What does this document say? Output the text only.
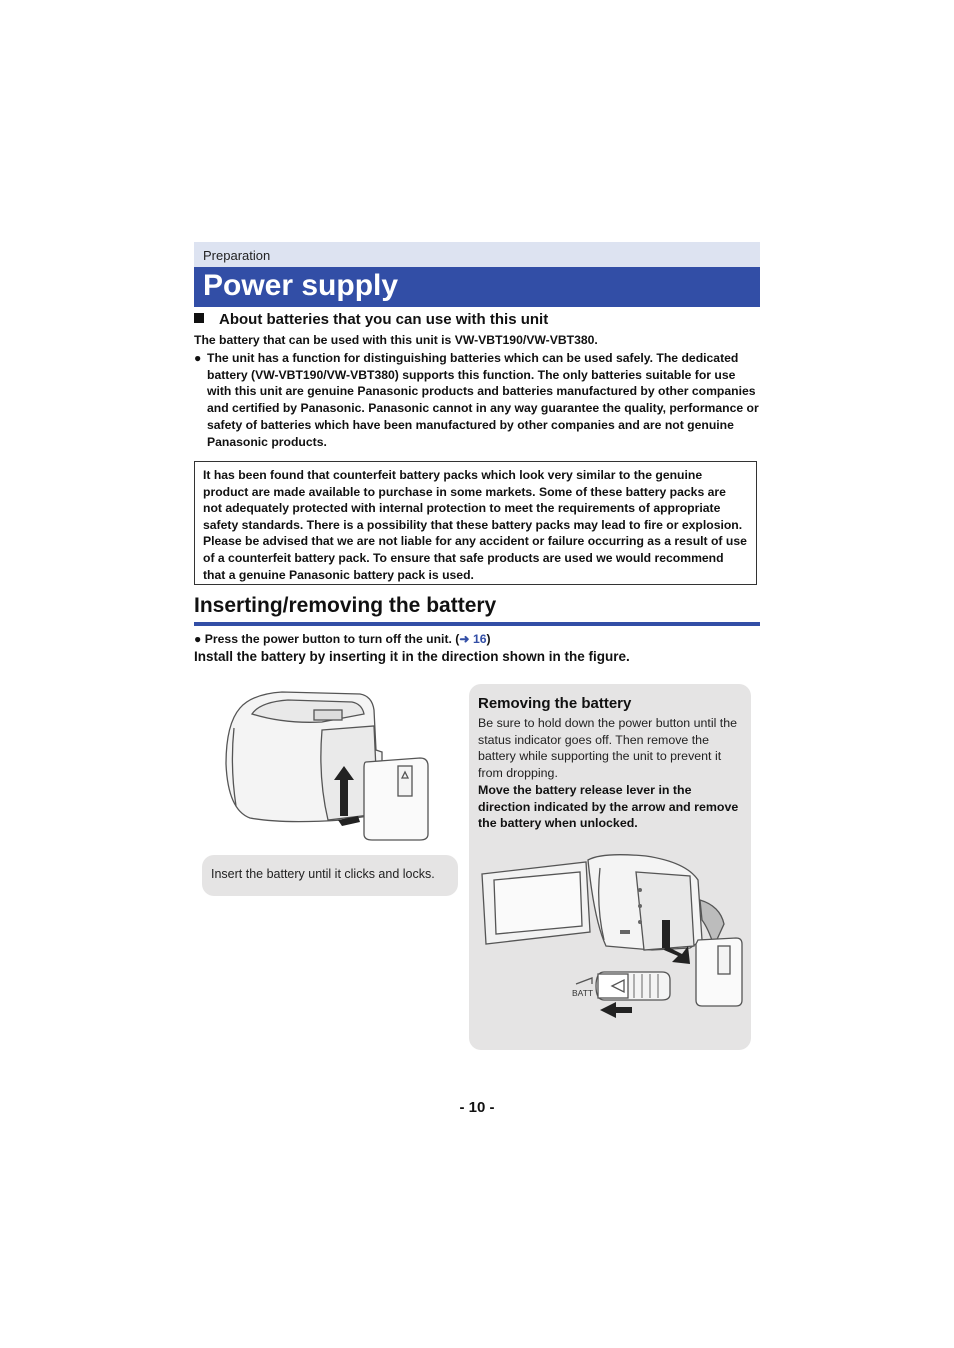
Preparation
Power supply
About batteries that you can use with this unit
The battery that can be used with this unit is VW-VBT190/VW-VBT380.
● The unit has a function for distinguishing batteries which can be used safely. The dedicated battery (VW-VBT190/VW-VBT380) supports this function. The only batteries suitable for use with this unit are genuine Panasonic products and batteries manufactured by other companies and certified by Panasonic. Panasonic cannot in any way guarantee the quality, performance or safety of batteries which have been manufactured by other companies and are not genuine Panasonic products.
It has been found that counterfeit battery packs which look very similar to the genuine product are made available to purchase in some markets. Some of these battery packs are not adequately protected with internal protection to meet the requirements of appropriate safety standards. There is a possibility that these battery packs may lead to fire or explosion. Please be advised that we are not liable for any accident or failure occurring as a result of use of a counterfeit battery pack. To ensure that safe products are used we would recommend that a genuine Panasonic battery pack is used.
Inserting/removing the battery
● Press the power button to turn off the unit. (➜ 16)
Install the battery by inserting it in the direction shown in the figure.
Insert the battery until it clicks and locks.
Removing the battery
Be sure to hold down the power button until the status indicator goes off. Then remove the battery while supporting the unit to prevent it from dropping.
Move the battery release lever in the direction indicated by the arrow and remove the battery when unlocked.
BATT
- 10 -
